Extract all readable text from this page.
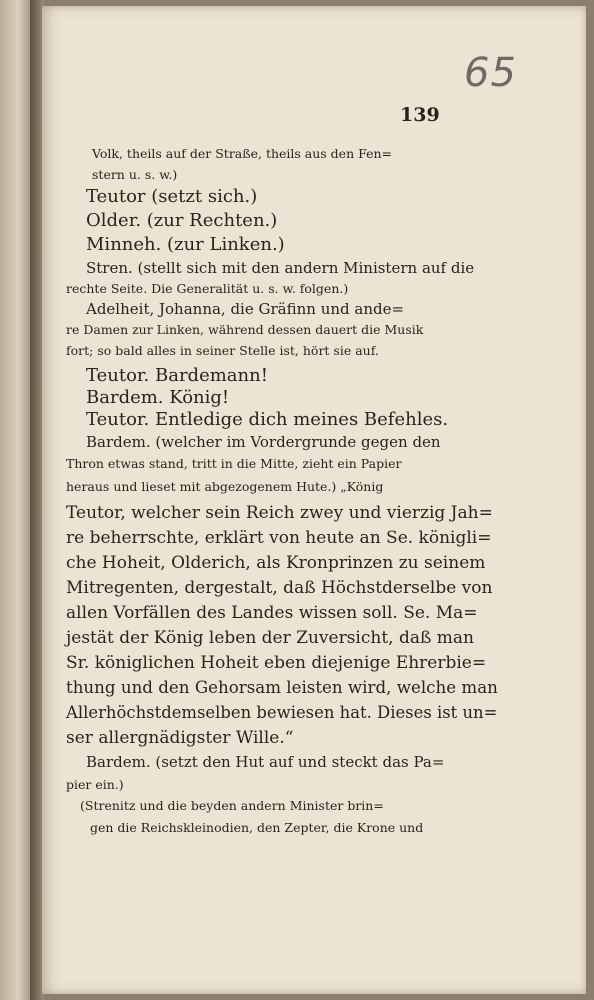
65
139
Volk, theils auf der Straße, theils aus den Fen=
stern u. s. w.)
Teutor (setzt sich.)
Older. (zur Rechten.)
Minneh. (zur Linken.)
Stren. (stellt sich mit den andern Ministern auf die
rechte Seite. Die Generalität u. s. w. folgen.)
Adelheit, Johanna, die Gräfinn und ande=
re Damen zur Linken, während dessen dauert die Musik
fort; so bald alles in seiner Stelle ist, hört sie auf.
Teutor. Bardemann!
Bardem. König!
Teutor. Entledige dich meines Befehles.
Bardem. (welcher im Vordergrunde gegen den
Thron etwas stand, tritt in die Mitte, zieht ein Papier
heraus und lieset mit abgezogenem Hute.) „König
Teutor, welcher sein Reich zwey und vierzig Jah=
re beherrschte, erklärt von heute an Se. königli=
che Hoheit, Olderich, als Kronprinzen zu seinem
Mitregenten, dergestalt, daß Höchstderselbe von
allen Vorfällen des Landes wissen soll. Se. Ma=
jestät der König leben der Zuversicht, daß man
Sr. königlichen Hoheit eben diejenige Ehrerbie=
thung und den Gehorsam leisten wird, welche man
Allerhöchstdemselben bewiesen hat. Dieses ist un=
ser allergnädigster Wille.“
Bardem. (setzt den Hut auf und steckt das Pa=
pier ein.)
(Strenitz und die beyden andern Minister brin=
gen die Reichskleinodien, den Zepter, die Krone und
